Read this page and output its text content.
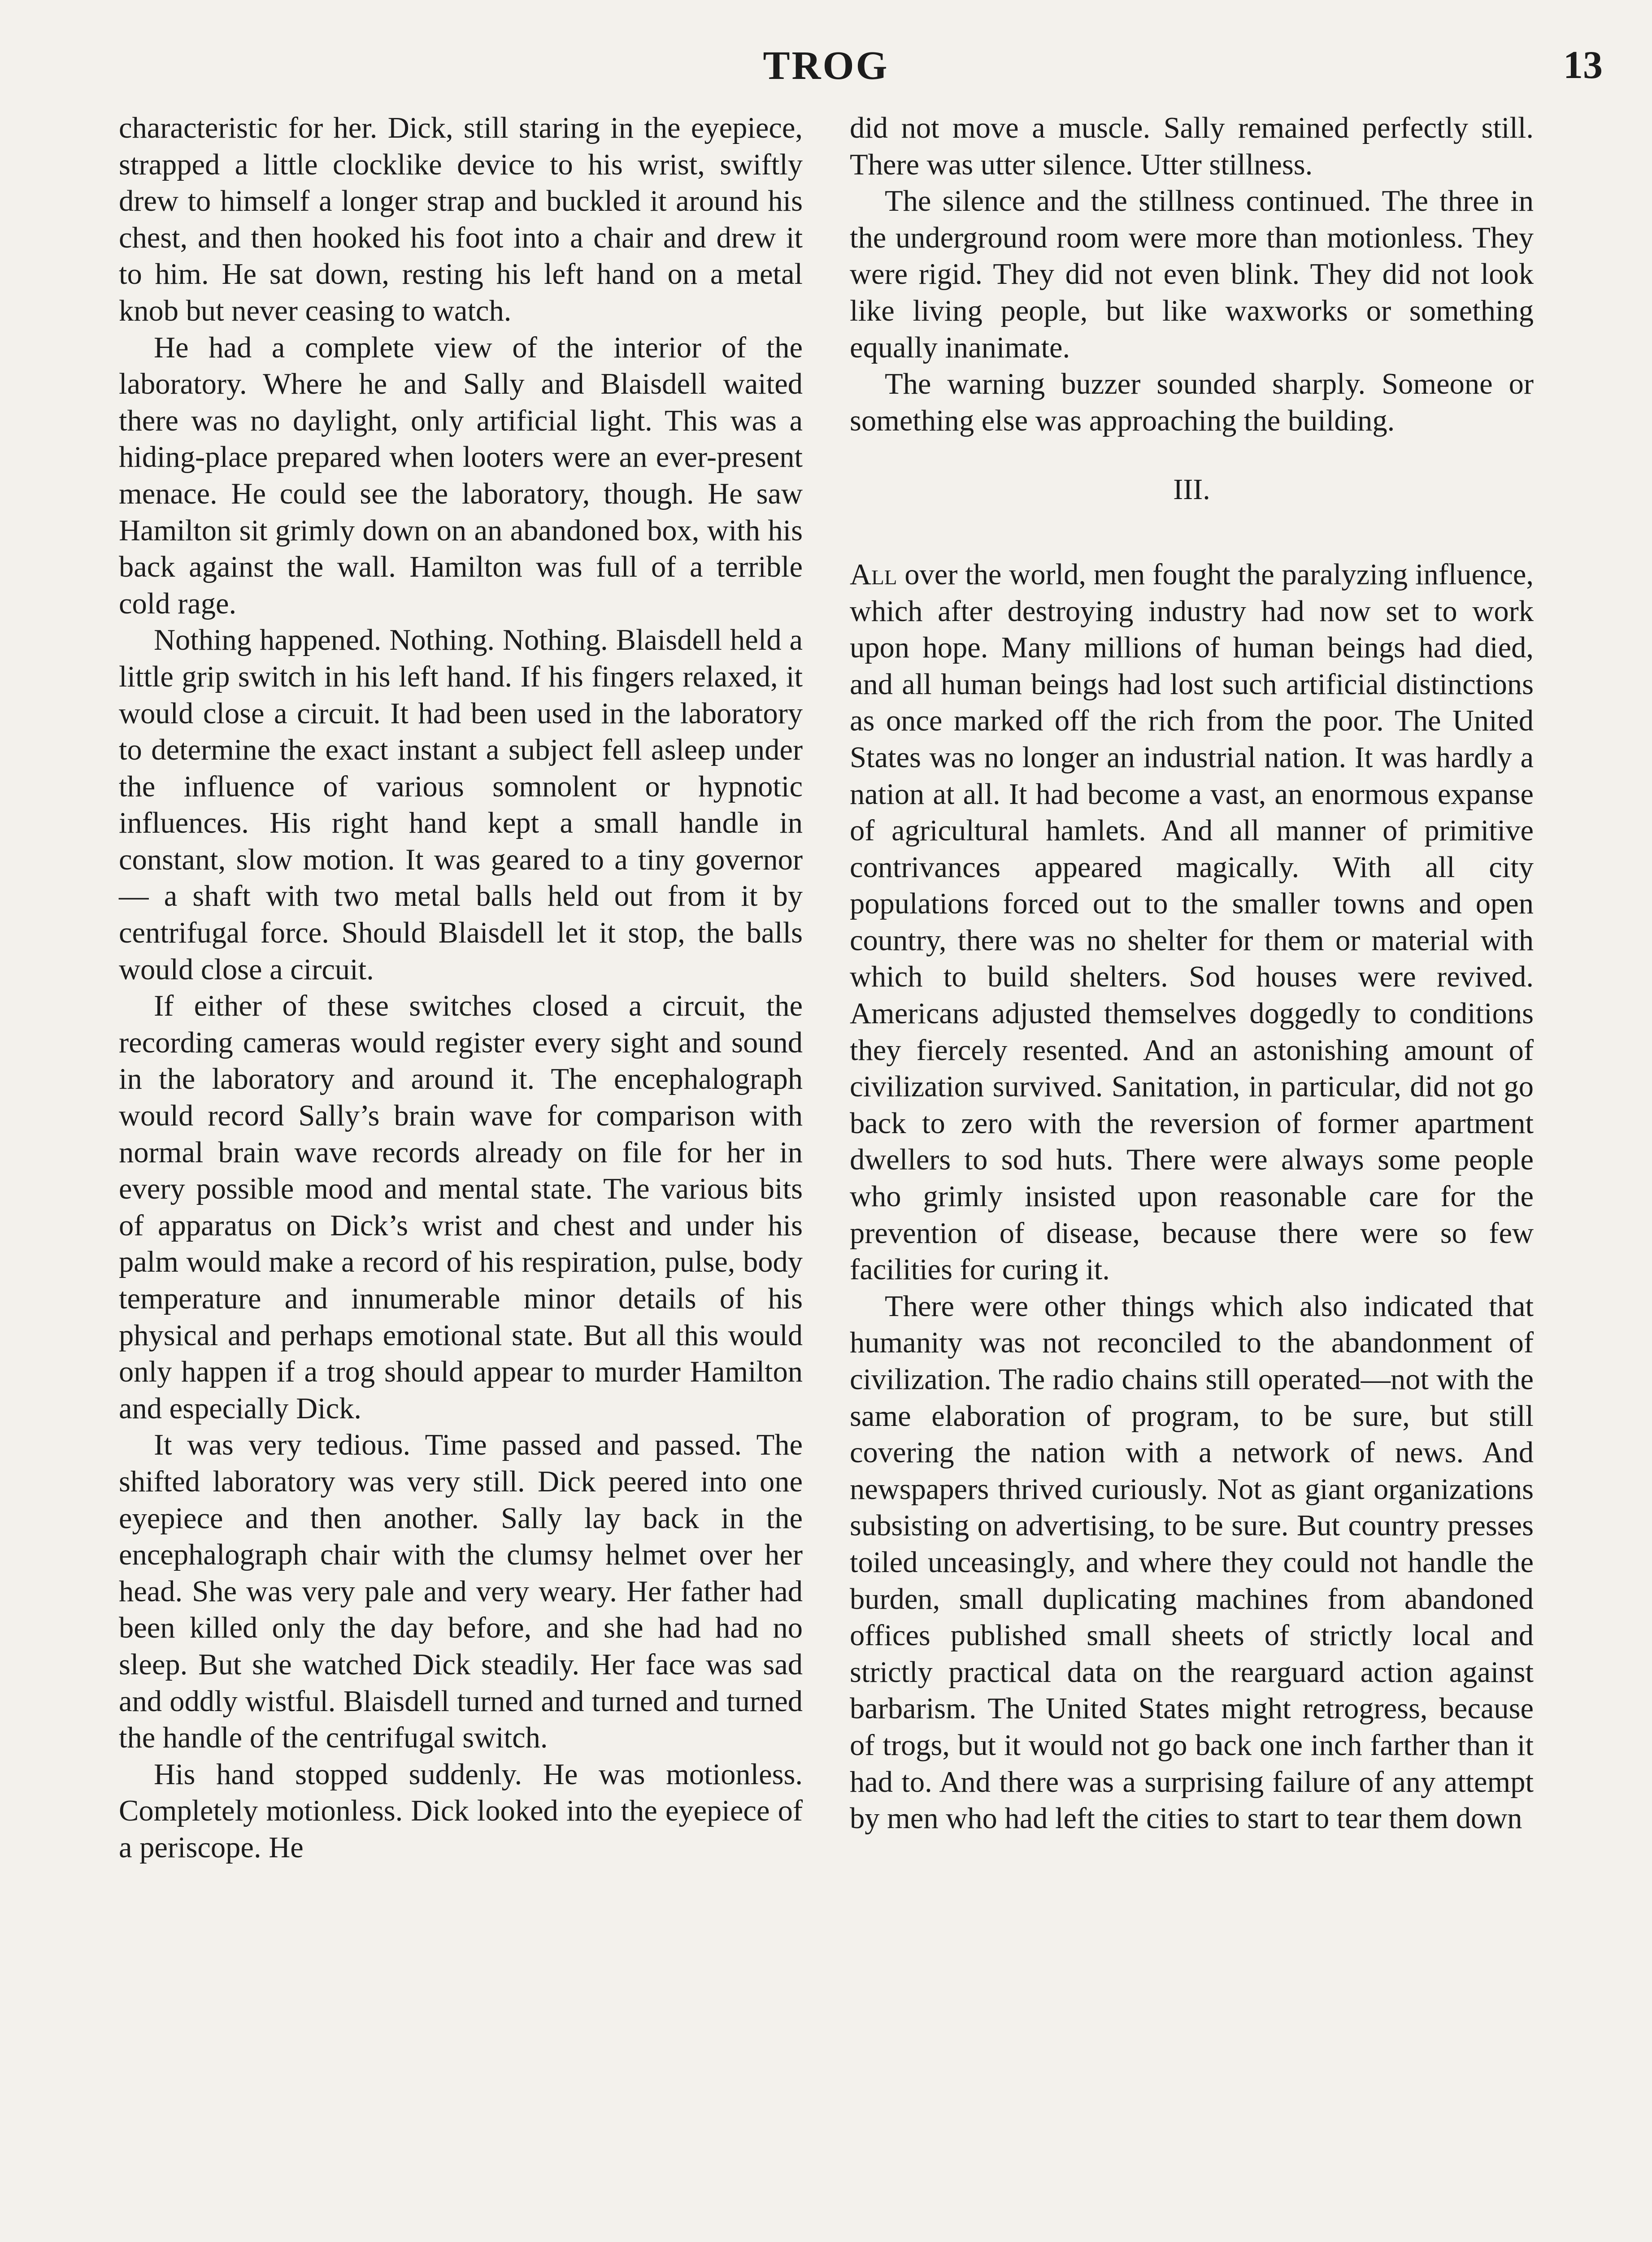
TROG	13

characteristic for her. Dick, still staring in the eyepiece, strapped a little clocklike device to his wrist, swiftly drew to himself a longer strap and buckled it around his chest, and then hooked his foot into a chair and drew it to him. He sat down, resting his left hand on a metal knob but never ceasing to watch.

He had a complete view of the interior of the laboratory. Where he and Sally and Blaisdell waited there was no daylight, only artificial light. This was a hiding-place prepared when looters were an ever-present menace. He could see the laboratory, though. He saw Hamilton sit grimly down on an abandoned box, with his back against the wall. Hamilton was full of a terrible cold rage.

Nothing happened. Nothing. Nothing. Blaisdell held a little grip switch in his left hand. If his fingers relaxed, it would close a circuit. It had been used in the laboratory to determine the exact instant a subject fell asleep under the influence of various somnolent or hypnotic influences. His right hand kept a small handle in constant, slow motion. It was geared to a tiny governor— a shaft with two metal balls held out from it by centrifugal force. Should Blaisdell let it stop, the balls would close a circuit.

If either of these switches closed a circuit, the recording cameras would register every sight and sound in the laboratory and around it. The encephalograph would record Sally’s brain wave for comparison with normal brain wave records already on file for her in every possible mood and mental state. The various bits of apparatus on Dick’s wrist and chest and under his palm would make a record of his respiration, pulse, body temperature and innumerable minor details of his physical and perhaps emotional state. But all this would only happen if a trog should appear to murder Hamilton and especially Dick.

It was very tedious. Time passed and passed. The shifted laboratory was very still. Dick peered into one eyepiece and then another. Sally lay back in the encephalograph chair with the clumsy helmet over her head. She was very pale and very weary. Her father had been killed only the day before, and she had had no sleep. But she watched Dick steadily. Her face was sad and oddly wistful. Blaisdell turned and turned and turned the handle of the centrifugal switch.

His hand stopped suddenly. He was motionless. Completely motionless. Dick looked into the eyepiece of a periscope. He

did not move a muscle. Sally remained perfectly still. There was utter silence. Utter stillness.

The silence and the stillness continued. The three in the underground room were more than motionless. They were rigid. They did not even blink. They did not look like living people, but like waxworks or something equally inanimate.

The warning buzzer sounded sharply. Someone or something else was approaching the building.

III.

All over the world, men fought the paralyzing influence, which after destroying industry had now set to work upon hope. Many millions of human beings had died, and all human beings had lost such artificial distinctions as once marked off the rich from the poor. The United States was no longer an industrial nation. It was hardly a nation at all. It had become a vast, an enormous expanse of agricultural hamlets. And all manner of primitive contrivances appeared magically. With all city populations forced out to the smaller towns and open country, there was no shelter for them or material with which to build shelters. Sod houses were revived. Americans adjusted themselves doggedly to conditions they fiercely resented. And an astonishing amount of civilization survived. Sanitation, in particular, did not go back to zero with the reversion of former apartment dwellers to sod huts. There were always some people who grimly insisted upon reasonable care for the prevention of disease, because there were so few facilities for curing it.

There were other things which also indicated that humanity was not reconciled to the abandonment of civilization. The radio chains still operated—not with the same elaboration of program, to be sure, but still covering the nation with a network of news. And newspapers thrived curiously. Not as giant organizations subsisting on advertising, to be sure. But country presses toiled unceasingly, and where they could not handle the burden, small duplicating machines from abandoned offices published small sheets of strictly local and strictly practical data on the rearguard action against barbarism. The United States might retrogress, because of trogs, but it would not go back one inch farther than it had to. And there was a surprising failure of any attempt by men who had left the cities to start to tear them down
